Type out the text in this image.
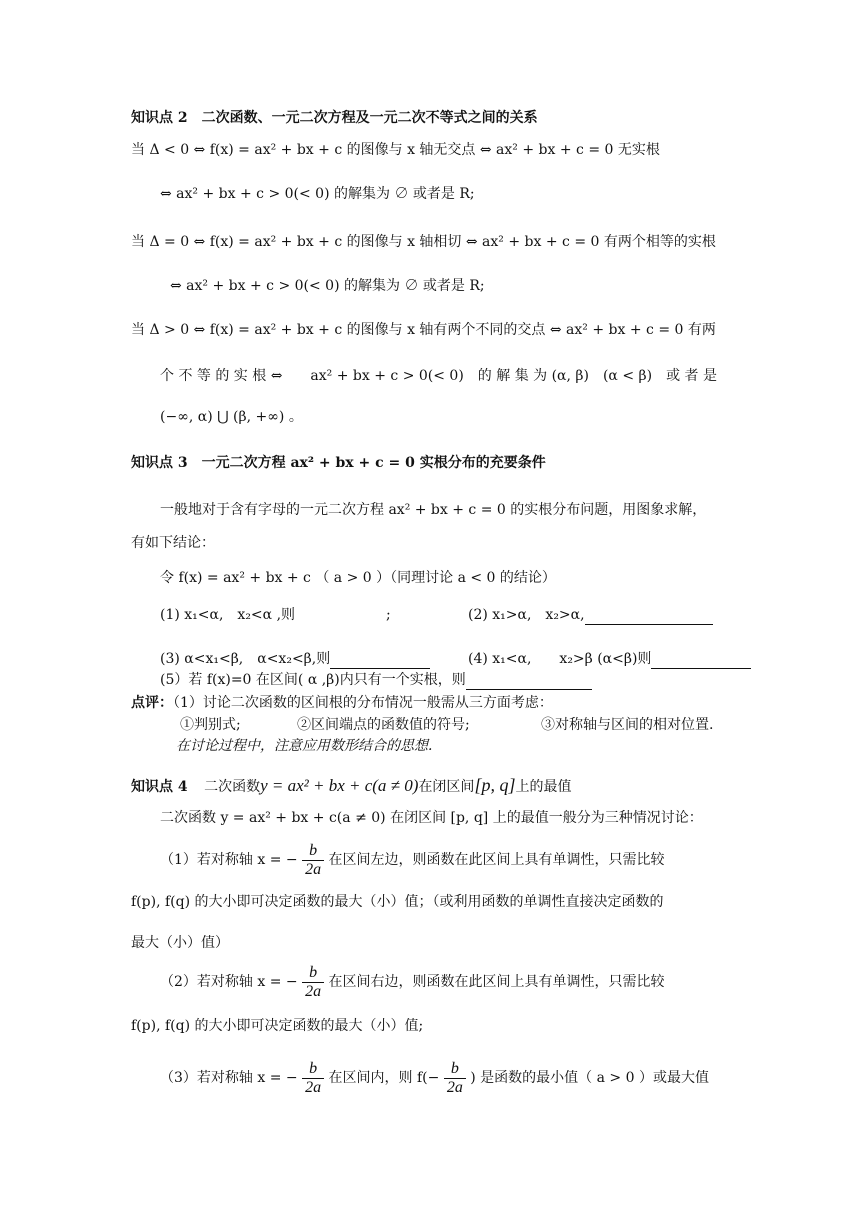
知识点 2　二次函数、一元二次方程及一元二次不等式之间的关系
当 Δ < 0 ⇔ f(x) = ax² + bx + c 的图像与 x 轴无交点 ⇔ ax² + bx + c = 0 无实根
⇔ ax² + bx + c > 0(< 0) 的解集为 ∅ 或者是 R;
当 Δ = 0 ⇔ f(x) = ax² + bx + c 的图像与 x 轴相切 ⇔ ax² + bx + c = 0 有两个相等的实根
⇔ ax² + bx + c > 0(< 0) 的解集为 ∅ 或者是 R;
当 Δ > 0 ⇔ f(x) = ax² + bx + c 的图像与 x 轴有两个不同的交点 ⇔ ax² + bx + c = 0 有两
个 不 等 的 实 根 ⇔　　ax² + bx + c > 0(< 0)　的 解 集 为 (α, β)　(α < β)　或 者 是
(−∞, α) ⋃ (β, +∞) 。
知识点 3　一元二次方程 ax² + bx + c = 0 实根分布的充要条件
一般地对于含有字母的一元二次方程 ax² + bx + c = 0 的实根分布问题，用图象求解，
有如下结论：
令 f(x) = ax² + bx + c （ a > 0 ）（同理讨论 a < 0 的结论）
(1) x₁<α,　x₂<α ,则	;	(2) x₁>α,　x₂>α,
(3) α<x₁<β,　α<x₂<β,则	(4) x₁<α,　　x₂>β (α<β)则
(5）若 f(x)=0 在区间( α ,β)内只有一个实根，则
点评：（1）讨论二次函数的区间根的分布情况一般需从三方面考虑：
①判别式;	②区间端点的函数值的符号;	③对称轴与区间的相对位置.
在讨论过程中，注意应用数形结合的思想.
知识点 4 二次函数y = ax² + bx + c(a ≠ 0)在闭区间[p, q]上的最值
二次函数 y = ax² + bx + c(a ≠ 0) 在闭区间 [p, q] 上的最值一般分为三种情况讨论：
（1）若对称轴 x = − $\frac{b}{2a}$ 在区间左边，则函数在此区间上具有单调性，只需比较
f(p), f(q) 的大小即可决定函数的最大（小）值；（或利用函数的单调性直接决定函数的
最大（小）值）
（2）若对称轴 x = − $\frac{b}{2a}$ 在区间右边，则函数在此区间上具有单调性，只需比较
f(p), f(q) 的大小即可决定函数的最大（小）值;
（3）若对称轴 x = − $\frac{b}{2a}$ 在区间内，则 $f(- \frac{b}{2a}$ ) 是函数的最小值（ a > 0 ）或最大值
